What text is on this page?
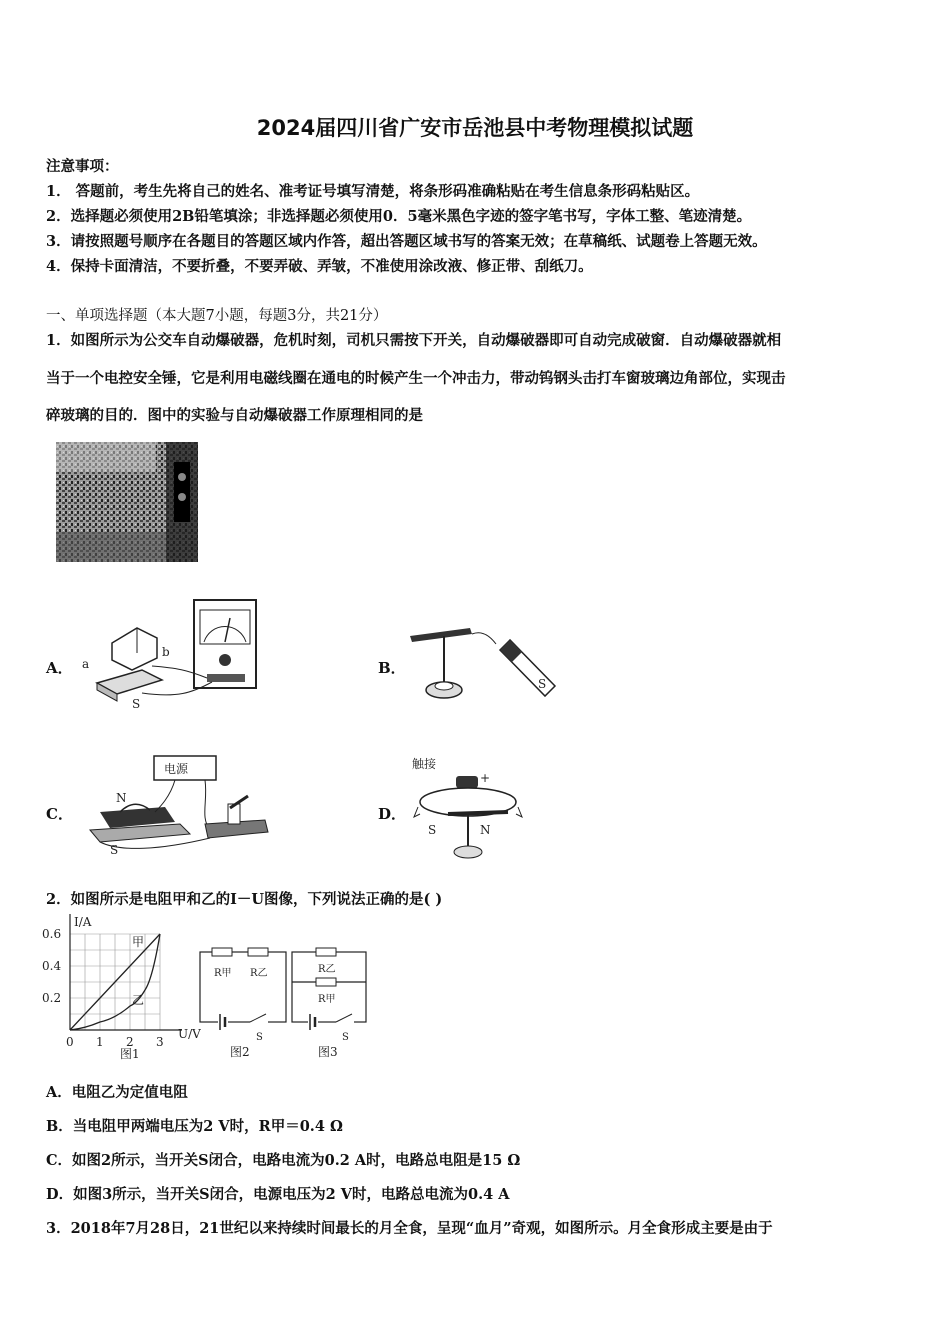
2024届四川省广安市岳池县中考物理模拟试题
注意事项：
1． 答题前，考生先将自己的姓名、准考证号填写清楚，将条形码准确粘贴在考生信息条形码粘贴区。
2．选择题必须使用2B铅笔填涂；非选择题必须使用0．5毫米黑色字迹的签字笔书写，字体工整、笔迹清楚。
3．请按照题号顺序在各题目的答题区域内作答，超出答题区域书写的答案无效；在草稿纸、试题卷上答题无效。
4．保持卡面清洁，不要折叠，不要弄破、弄皱，不准使用涂改液、修正带、刮纸刀。
一、单项选择题（本大题7小题，每题3分，共21分）
1．如图所示为公交车自动爆破器，危机时刻，司机只需按下开关，自动爆破器即可自动完成破窗．自动爆破器就相
当于一个电控安全锤，它是利用电磁线圈在通电的时候产生一个冲击力，带动钨钢头击打车窗玻璃边角部位，实现击
碎玻璃的目的．图中的实验与自动爆破器工作原理相同的是
A． a
b
S
B．
S
C．
电源
N
S
D．
触接
+
S	N
2．如图所示是电阻甲和乙的I－U图像，下列说法正确的是( )
I/A
U/V
0.6
0.4
0.2
0 1 2 3
甲
乙
图1
R甲 R乙
S
图2
R乙
R甲
S
图3
A．电阻乙为定值电阻
B．当电阻甲两端电压为2 V时，R甲＝0.4 Ω
C．如图2所示，当开关S闭合，电路电流为0.2 A时，电路总电阻是15 Ω
D．如图3所示，当开关S闭合，电源电压为2 V时，电路总电流为0.4 A
3．2018年7月28日，21世纪以来持续时间最长的月全食，呈现“血月”奇观，如图所示。月全食形成主要是由于
